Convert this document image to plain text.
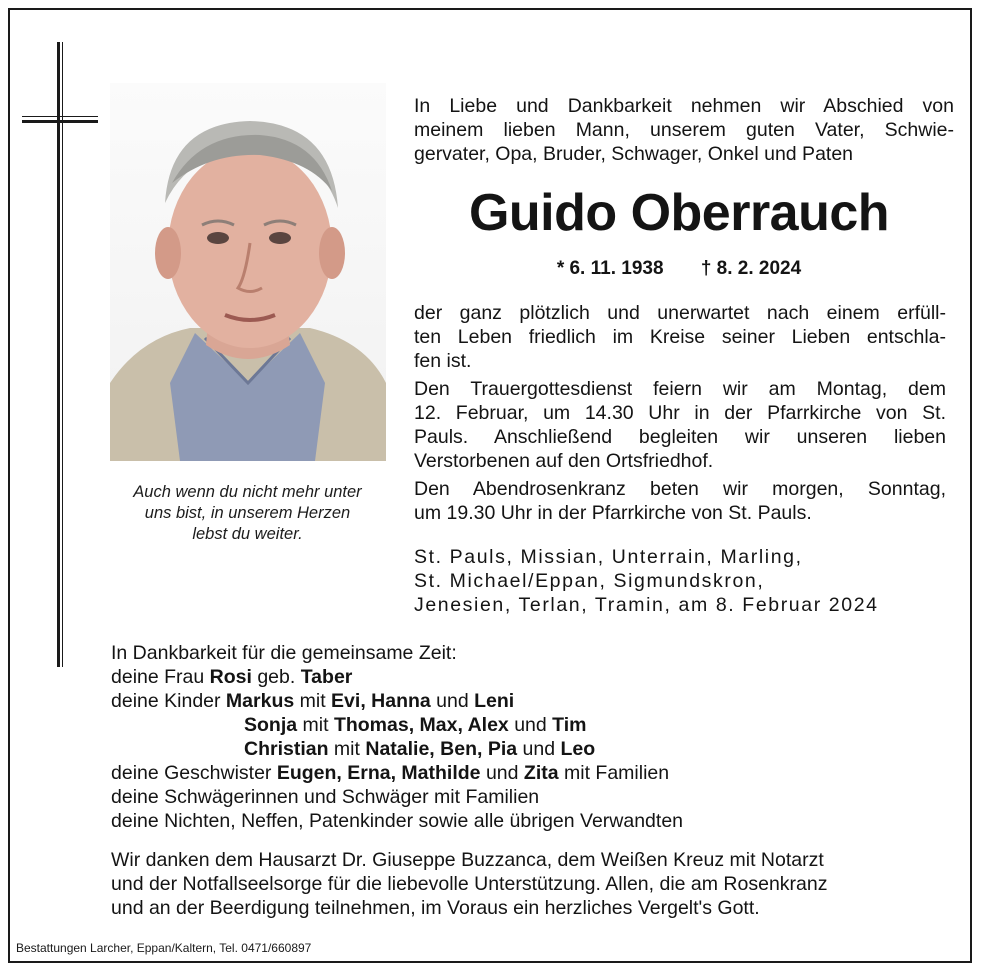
Auch wenn du nicht mehr unter
uns bist, in unserem Herzen
lebst du weiter.
In Liebe und Dankbarkeit nehmen wir Abschied von
meinem lieben Mann, unserem guten Vater, Schwie-
gervater, Opa, Bruder, Schwager, Onkel und Paten
Guido Oberrauch
* 6. 11. 1938 † 8. 2. 2024
der ganz plötzlich und unerwartet nach einem erfüll-
ten Leben friedlich im Kreise seiner Lieben entschla-
fen ist.
Den Trauergottesdienst feiern wir am Montag, dem
12. Februar, um 14.30 Uhr in der Pfarrkirche von St.
Pauls. Anschließend begleiten wir unseren lieben
Verstorbenen auf den Ortsfriedhof.
Den Abendrosenkranz beten wir morgen, Sonntag,
um 19.30 Uhr in der Pfarrkirche von St. Pauls.
St. Pauls, Missian, Unterrain, Marling,
St. Michael/Eppan, Sigmundskron,
Jenesien, Terlan, Tramin, am 8. Februar 2024
In Dankbarkeit für die gemeinsame Zeit:
deine Frau Rosi geb. Taber
deine Kinder Markus mit Evi, Hanna und Leni
Sonja mit Thomas, Max, Alex und Tim
Christian mit Natalie, Ben, Pia und Leo
deine Geschwister Eugen, Erna, Mathilde und Zita mit Familien
deine Schwägerinnen und Schwäger mit Familien
deine Nichten, Neffen, Patenkinder sowie alle übrigen Verwandten
Wir danken dem Hausarzt Dr. Giuseppe Buzzanca, dem Weißen Kreuz mit Notarzt
und der Notfallseelsorge für die liebevolle Unterstützung. Allen, die am Rosenkranz
und an der Beerdigung teilnehmen, im Voraus ein herzliches Vergelt's Gott.
Bestattungen Larcher, Eppan/Kaltern, Tel. 0471/660897
